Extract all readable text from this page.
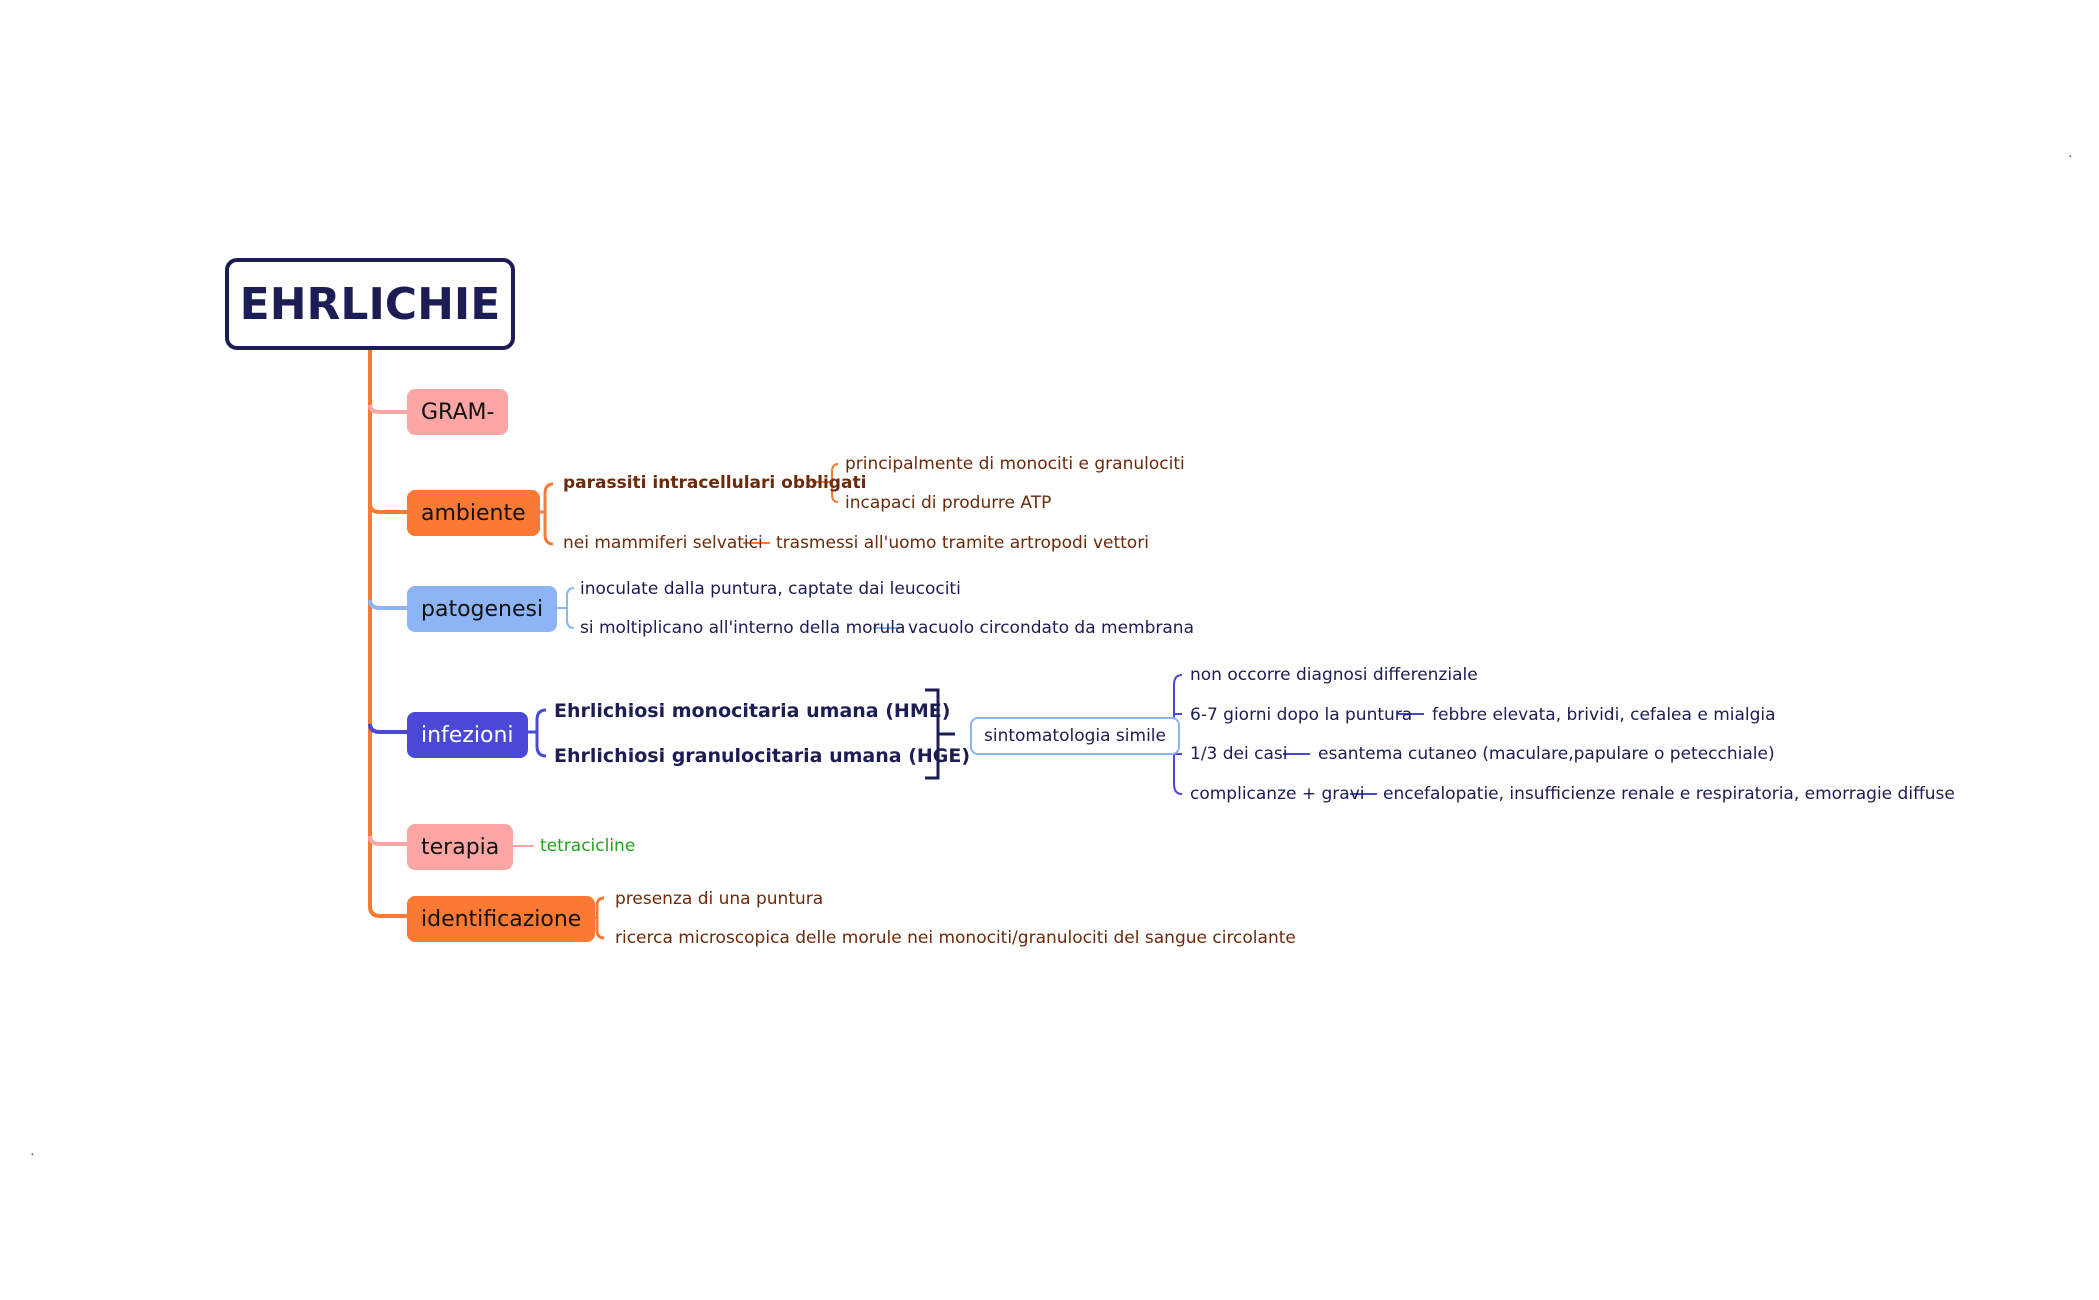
EHRLICHIE
GRAM-
ambiente
parassiti intracellulari obbligati
principalmente di monociti e granulociti
incapaci di produrre ATP
nei mammiferi selvatici trasmessi all'uomo tramite artropodi vettori
patogenesi
inoculate dalla puntura, captate dai leucociti
si moltiplicano all'interno della morula vacuolo circondato da membrana
infezioni
Ehrlichiosi monocitaria umana (HME)
Ehrlichiosi granulocitaria umana (HGE)
sintomatologia simile
non occorre diagnosi differenziale
6-7 giorni dopo la puntura febbre elevata, brividi, cefalea e mialgia
1/3 dei casi esantema cutaneo (maculare,papulare o petecchiale)
complicanze + gravi encefalopatie, insufficienze renale e respiratoria, emorragie diffuse
terapia	tetracicline
identificazione
presenza di una puntura
ricerca microscopica delle morule nei monociti/granulociti del sangue circolante
⠄
⠄
